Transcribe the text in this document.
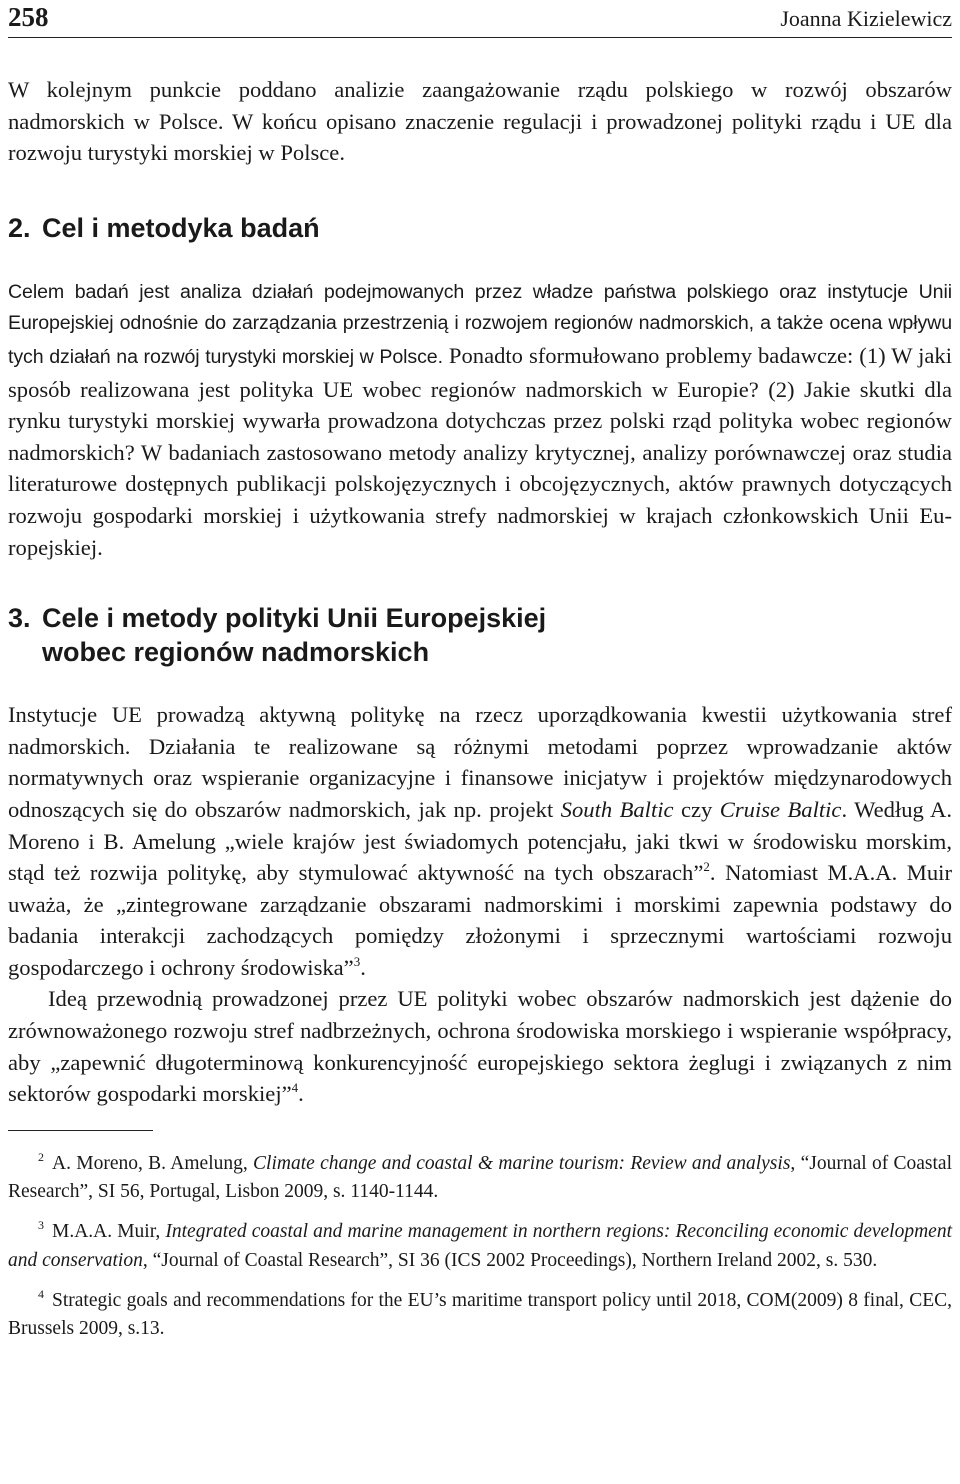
258	Joanna Kizielewicz

W kolejnym punkcie poddano analizie zaangażowanie rządu polskiego w rozwój obszarów nadmorskich w Polsce. W końcu opisano znaczenie regulacji i prowadzonej polityki rządu i UE dla rozwoju turystyki morskiej w Polsce.

2. Cel i metodyka badań

Celem badań jest analiza działań podejmowanych przez władze państwa polskiego oraz instytucje Unii Europejskiej odnośnie do zarządzania przestrzenią i rozwojem regionów nadmorskich, a także ocena wpływu tych działań na rozwój turystyki morskiej w Polsce. Ponadto sformułowano problemy badawcze: (1) W jaki sposób realizowana jest polityka UE wobec regionów nadmorskich w Europie? (2) Jakie skutki dla rynku turystyki morskiej wywarła prowadzona dotychczas przez polski rząd polityka wobec regionów nadmorskich? W badaniach zastosowano metody analizy krytycznej, analizy porównawczej oraz studia literaturowe dostępnych publikacji polskojęzycznych i obcojęzycznych, aktów prawnych dotyczących rozwoju gospodarki morskiej i użytkowania strefy nadmorskiej w krajach członkowskich Unii Europejskiej.

3. Cele i metody polityki Unii Europejskiej
wobec regionów nadmorskich

Instytucje UE prowadzą aktywną politykę na rzecz uporządkowania kwestii użytkowania stref nadmorskich. Działania te realizowane są różnymi metodami poprzez wprowadzanie aktów normatywnych oraz wspieranie organizacyjne i finansowe inicjatyw i projektów międzynarodowych odnoszących się do obszarów nadmorskich, jak np. projekt South Baltic czy Cruise Baltic. Według A. Moreno i B. Amelung „wiele krajów jest świadomych potencjału, jaki tkwi w środowisku morskim, stąd też rozwija politykę, aby stymulować aktywność na tych obszarach”$^2$. Natomiast M.A.A. Muir uważa, że „zintegrowane zarządzanie obszarami nadmorskimi i morskimi zapewnia podstawy do badania interakcji zachodzących pomiędzy złożonymi i sprzecznymi wartościami rozwoju gospodarczego i ochrony środowiska”$^3$.

Ideą przewodnią prowadzonej przez UE polityki wobec obszarów nadmorskich jest dążenie do zrównoważonego rozwoju stref nadbrzeżnych, ochrona środowiska morskiego i wspieranie współpracy, aby „zapewnić długoterminową konkurencyjność europejskiego sektora żeglugi i związanych z nim sektorów gospodarki morskiej”$^4$.

$^2$ A. Moreno, B. Amelung, Climate change and coastal & marine tourism: Review and analysis, “Journal of Coastal Research”, SI 56, Portugal, Lisbon 2009, s. 1140-1144.

$^3$ M.A.A. Muir, Integrated coastal and marine management in northern regions: Reconciling economic development and conservation, “Journal of Coastal Research”, SI 36 (ICS 2002 Proceedings), Northern Ireland 2002, s. 530.

$^4$ Strategic goals and recommendations for the EU’s maritime transport policy until 2018, COM(2009) 8 final, CEC, Brussels 2009, s.13.
